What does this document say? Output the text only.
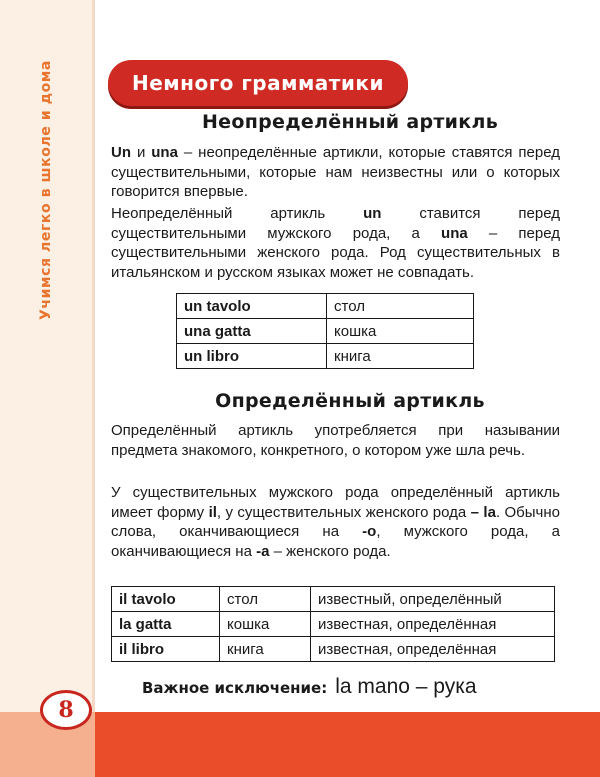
Учимся легко в школе и дома
8
Немного грамматики
Неопределённый артикль
Un и una – неопределённые артикли, которые ставятся перед существительными, которые нам неизвестны или о которых говорится впервые.
Неопределённый артикль un ставится перед существительными мужского рода, а una – перед существительными женского рода. Род существительных в итальянском и русском языках может не совпадать.
un tavolo	стол
una gatta	кошка
un libro	книга
Определённый артикль
Определённый артикль употребляется при назывании предмета знакомого, конкретного, о котором уже шла речь.
У существительных мужского рода определённый артикль имеет форму il, у существительных женского рода – la. Обычно слова, оканчивающиеся на -o, мужского рода, а оканчивающиеся на -a – женского рода.
il tavolo	стол	известный, определённый
la gatta	кошка	известная, определённая
il libro	книга	известная, определённая
Важное исключение: la mano – рука
